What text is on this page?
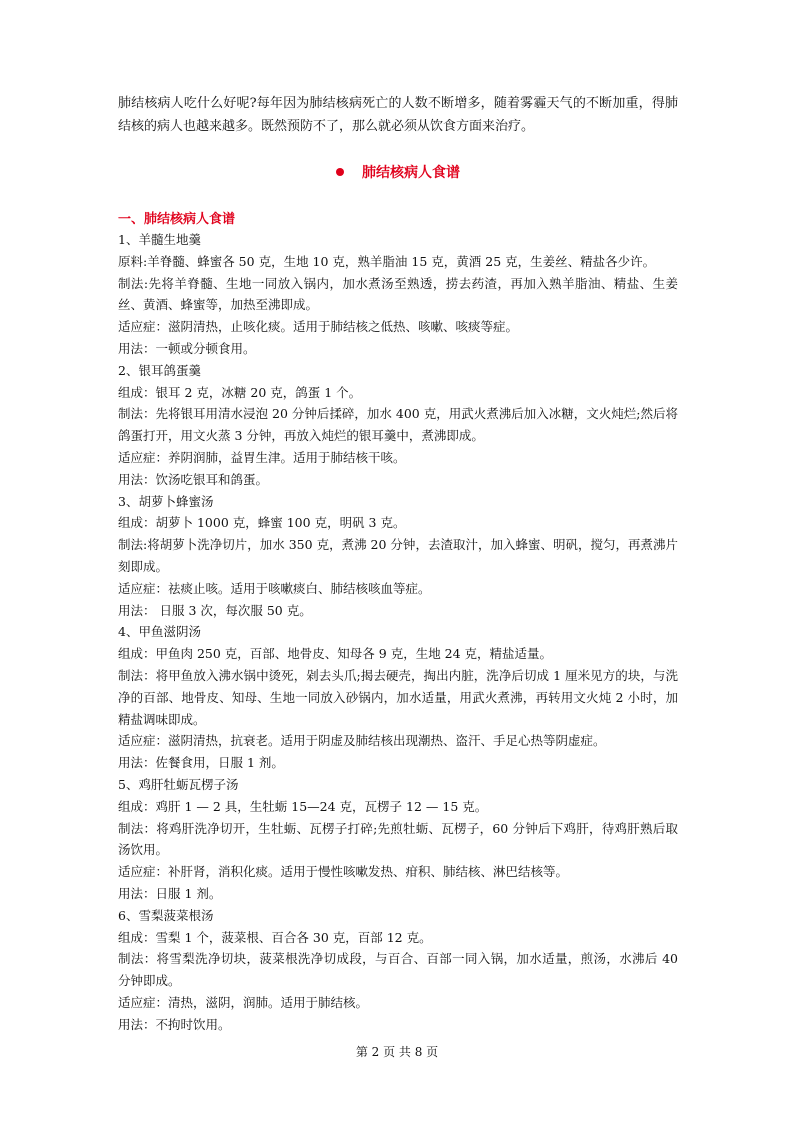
肺结核病人吃什么好呢?每年因为肺结核病死亡的人数不断增多，随着雾霾天气的不断加重，得肺结核的病人也越来越多。既然预防不了，那么就必须从饮食方面来治疗。

肺结核病人食谱
一、肺结核病人食谱

1、羊髓生地羹

原料:羊脊髓、蜂蜜各 50 克，生地 10 克，熟羊脂油 15 克，黄酒 25 克，生姜丝、精盐各少许。

制法:先将羊脊髓、生地一同放入锅内，加水煮汤至熟透，捞去药渣，再加入熟羊脂油、精盐、生姜丝、黄酒、蜂蜜等，加热至沸即成。

适应症：滋阴清热，止咳化痰。适用于肺结核之低热、咳嗽、咳痰等症。

用法：一顿或分顿食用。

2、银耳鸽蛋羹

组成：银耳 2 克，冰糖 20 克，鸽蛋 1 个。

制法：先将银耳用清水浸泡 20 分钟后揉碎，加水 400 克，用武火煮沸后加入冰糖，文火炖烂;然后将鸽蛋打开，用文火蒸 3 分钟，再放入炖烂的银耳羹中，煮沸即成。

适应症：养阴润肺，益胃生津。适用于肺结核干咳。

用法：饮汤吃银耳和鸽蛋。

3、胡萝卜蜂蜜汤

组成：胡萝卜 1000 克，蜂蜜 100 克，明矾 3 克。

制法:将胡萝卜洗净切片，加水 350 克，煮沸 20 分钟，去渣取汁，加入蜂蜜、明矾，搅匀，再煮沸片刻即成。

适应症：祛痰止咳。适用于咳嗽痰白、肺结核咳血等症。

用法： 日服 3 次，每次服 50 克。

4、甲鱼滋阴汤

组成：甲鱼肉 250 克，百部、地骨皮、知母各 9 克，生地 24 克，精盐适量。

制法：将甲鱼放入沸水锅中烫死，剁去头爪;揭去硬壳，掏出内脏，洗净后切成 1 厘米见方的块，与洗净的百部、地骨皮、知母、生地一同放入砂锅内，加水适量，用武火煮沸，再转用文火炖 2 小时，加精盐调味即成。

适应症：滋阴清热，抗衰老。适用于阴虚及肺结核出现潮热、盗汗、手足心热等阴虚症。

用法：佐餐食用，日服 1 剂。

5、鸡肝牡蛎瓦楞子汤

组成：鸡肝 1 — 2 具，生牡蛎 15—24 克，瓦楞子 12 — 15 克。

制法：将鸡肝洗净切开，生牡蛎、瓦楞子打碎;先煎牡蛎、瓦楞子，60 分钟后下鸡肝，待鸡肝熟后取汤饮用。

适应症：补肝肾，消积化痰。适用于慢性咳嗽发热、疳积、肺结核、淋巴结核等。

用法：日服 1 剂。

6、雪梨菠菜根汤

组成：雪梨 1 个，菠菜根、百合各 30 克，百部 12 克。

制法：将雪梨洗净切块，菠菜根洗净切成段，与百合、百部一同入锅，加水适量，煎汤，水沸后 40 分钟即成。

适应症：清热，滋阴，润肺。适用于肺结核。

用法：不拘时饮用。

第 2 页 共 8 页
